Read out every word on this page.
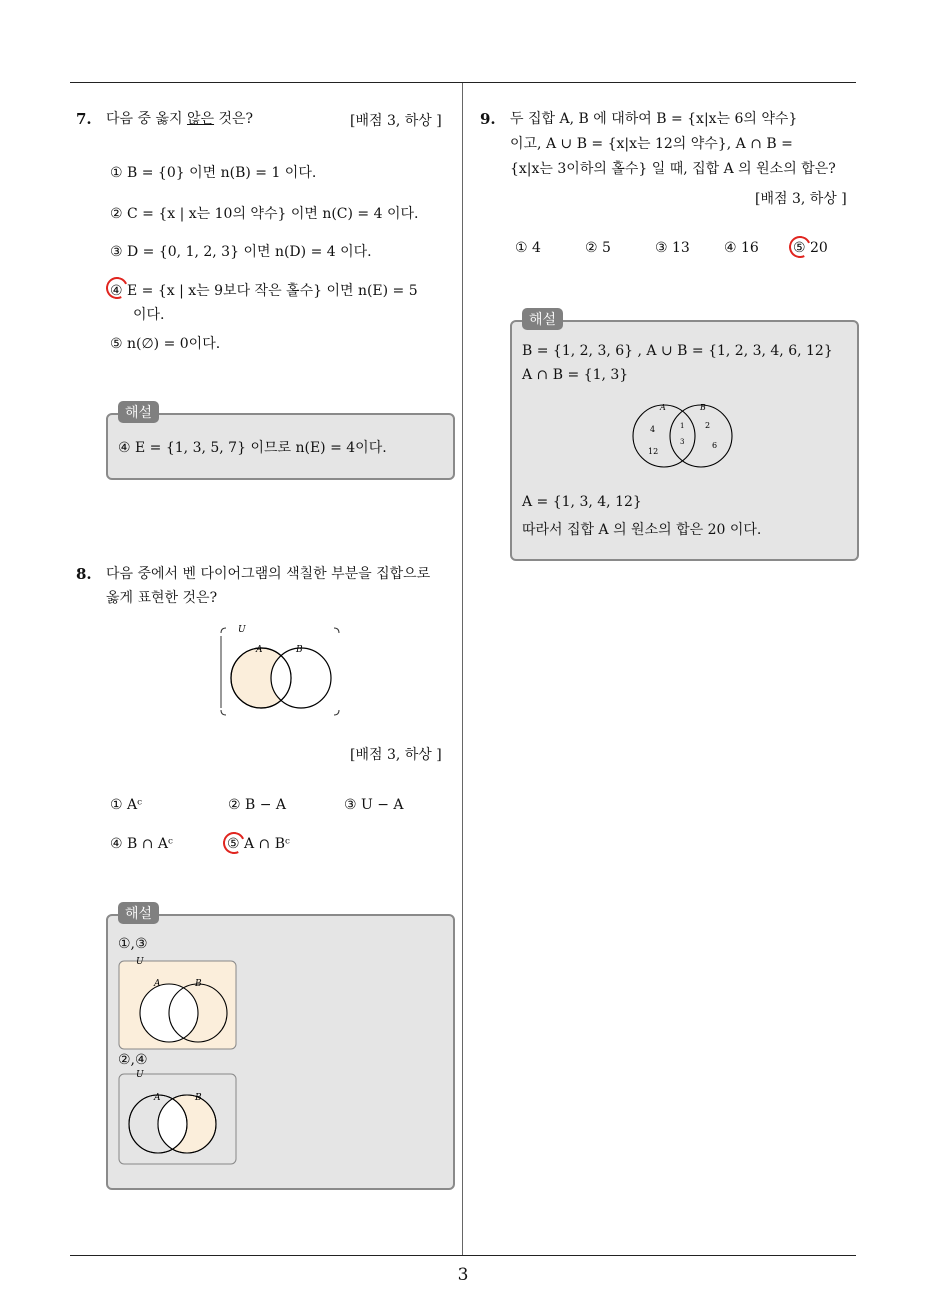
7. 다음 중 옳지 않은 것은?	[배점 3, 하상 ]
① B = {0} 이면 n(B) = 1 이다.
② C = {x | x는 10의 약수} 이면 n(C) = 4 이다.
③ D = {0, 1, 2, 3} 이면 n(D) = 4 이다.
④ E = {x | x는 9보다 작은 홀수} 이면 n(E) = 5
이다.
⑤ n(∅) = 0이다.
해설
④ E = {1, 3, 5, 7} 이므로 n(E) = 4이다.
8. 다음 중에서 벤 다이어그램의 색칠한 부분을 집합으로
옳게 표현한 것은?
U
A	B
[배점 3, 하상 ]
① Aᶜ	② B − A	③ U − A
④ B ∩ Aᶜ	⑤ A ∩ Bᶜ
해설
①,③
U
A	B
②,④
U
A	B
9. 두 집합 A, B 에 대하여 B = {x|x는 6의 약수}
이고, A ∪ B = {x|x는 12의 약수}, A ∩ B =
{x|x는 3이하의 홀수} 일 때, 집합 A 의 원소의 합은?
[배점 3, 하상 ]
① 4	② 5	③ 13 ④ 16 ⑤ 20
해설
B = {1, 2, 3, 6} , A ∪ B = {1, 2, 3, 4, 6, 12}
A ∩ B = {1, 3}
A	B
4
12
1
3
2
6
A = {1, 3, 4, 12}
따라서 집합 A 의 원소의 합은 20 이다.
3
